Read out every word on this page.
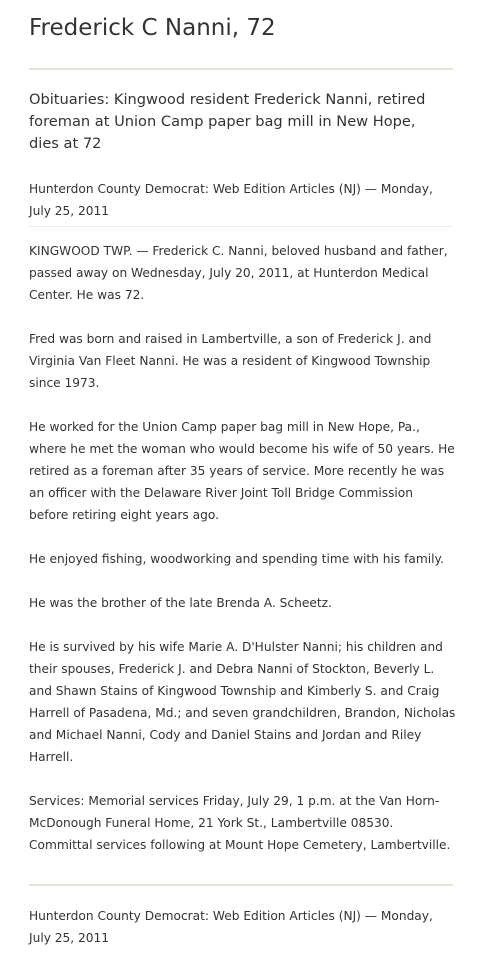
Frederick C Nanni, 72
Obituaries: Kingwood resident Frederick Nanni, retired
foreman at Union Camp paper bag mill in New Hope,
dies at 72
Hunterdon County Democrat: Web Edition Articles (NJ) — Monday,
July 25, 2011

KINGWOOD TWP. — Frederick C. Nanni, beloved husband and father,
passed away on Wednesday, July 20, 2011, at Hunterdon Medical
Center. He was 72.

Fred was born and raised in Lambertville, a son of Frederick J. and
Virginia Van Fleet Nanni. He was a resident of Kingwood Township
since 1973.

He worked for the Union Camp paper bag mill in New Hope, Pa.,
where he met the woman who would become his wife of 50 years. He
retired as a foreman after 35 years of service. More recently he was
an officer with the Delaware River Joint Toll Bridge Commission
before retiring eight years ago.

He enjoyed fishing, woodworking and spending time with his family.

He was the brother of the late Brenda A. Scheetz.

He is survived by his wife Marie A. D'Hulster Nanni; his children and
their spouses, Frederick J. and Debra Nanni of Stockton, Beverly L.
and Shawn Stains of Kingwood Township and Kimberly S. and Craig
Harrell of Pasadena, Md.; and seven grandchildren, Brandon, Nicholas
and Michael Nanni, Cody and Daniel Stains and Jordan and Riley
Harrell.

Services: Memorial services Friday, July 29, 1 p.m. at the Van Horn-
McDonough Funeral Home, 21 York St., Lambertville 08530.
Committal services following at Mount Hope Cemetery, Lambertville.

Hunterdon County Democrat: Web Edition Articles (NJ) — Monday,
July 25, 2011
